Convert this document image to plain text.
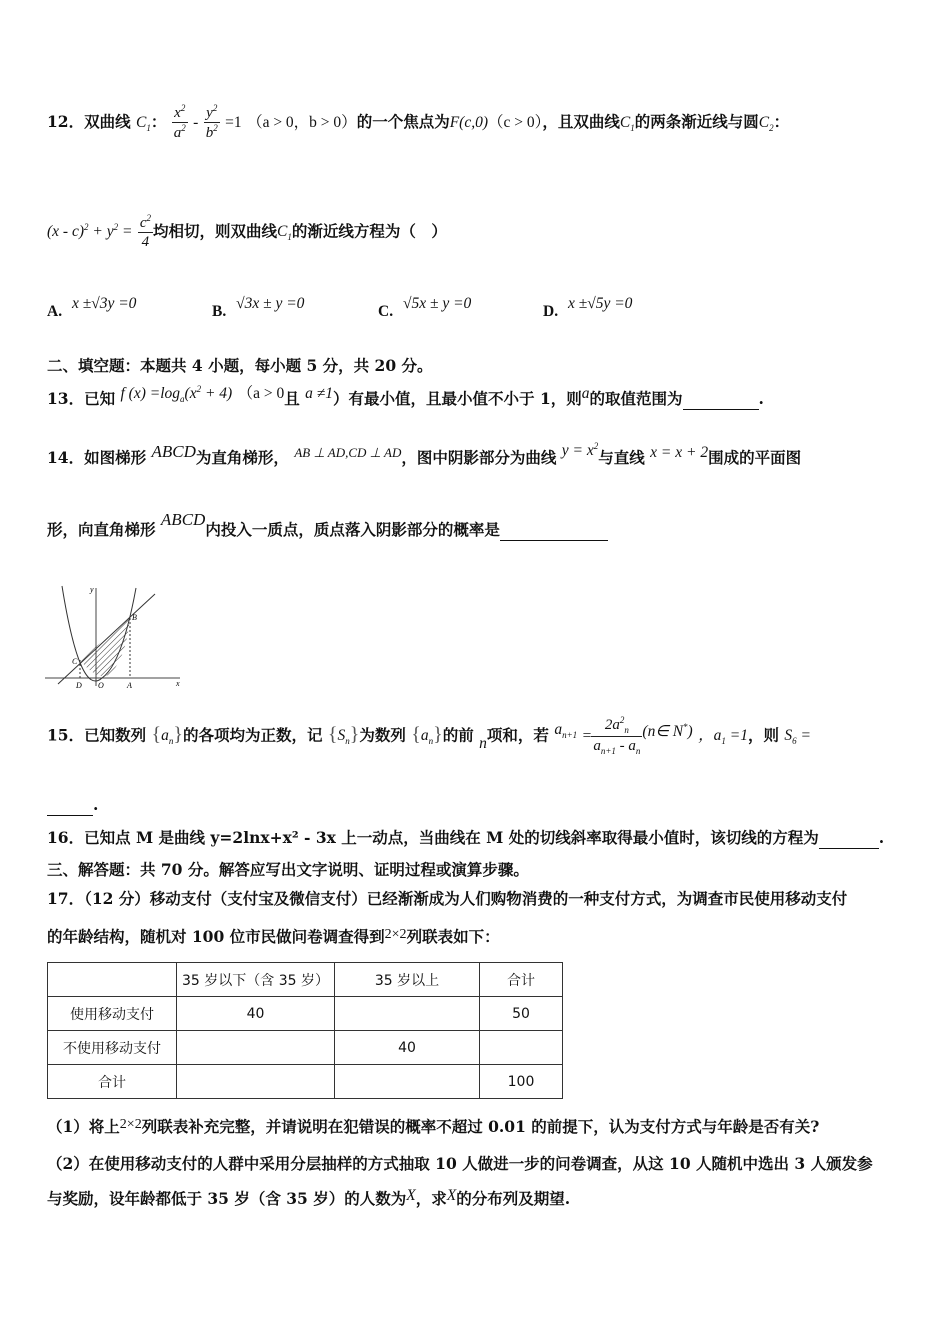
12．双曲线 $C_1$： $\frac{x^2}{a^2} - \frac{y^2}{b^2} =1$ （a > 0，b > 0）的一个焦点为F(c,0)（c > 0），且双曲线$C_1$的两条渐近线与圆$C_2$：
$(x - c)^2 + y^2 = \frac{c^2}{4}$ 均相切，则双曲线$C_1$的渐近线方程为（　）
A. x ±√3y =0	B. √3x ± y =0	C. √5x ± y =0	D. x ±√5y =0
二、填空题：本题共 4 小题，每小题 5 分，共 20 分。
13．已知 f $(x) =\log_a(x^2 + 4) (a > 0$且 a ≠1）有最小值，且最小值不小于 1，则a的取值范围为	.
14．如图梯形 ABCD为直角梯形， $^{AB \perp AD,CD \perp AD}$，图中阴影部分为曲线 $y = x^2$与直线 x = x + 2围成的平面图
形，向直角梯形 ABCD内投入一质点，质点落入阴影部分的概率是
y
x
B
C
D O	A
15．已知数列 $\{a_n\}$的各项均为正数，记 $\{S_n\}$为数列 $\{a_n\}$的前 n项和，若 $a_{n+1} = \frac{2a^2_n}{a_{n+1} - a_n}$ (n∈ N*) ，$a_1 =1$，则 $S_6$ =
.
16．已知点 M 是曲线 y=2lnx+x² - 3x 上一动点，当曲线在 M 处的切线斜率取得最小值时，该切线的方程为	.
三、解答题：共 70 分。解答应写出文字说明、证明过程或演算步骤。
17．（12 分）移动支付（支付宝及微信支付）已经渐渐成为人们购物消费的一种支付方式，为调查市民使用移动支付
的年龄结构，随机对 100 位市民做问卷调查得到2×2列联表如下：
	35 岁以下（含 35 岁）	35 岁以上	合计
使用移动支付	40		50
不使用移动支付		40	
合计			100
（1）将上2×2列联表补充完整，并请说明在犯错误的概率不超过 0.01 的前提下，认为支付方式与年龄是否有关?
（2）在使用移动支付的人群中采用分层抽样的方式抽取 10 人做进一步的问卷调查，从这 10 人随机中选出 3 人颁发参
与奖励，设年龄都低于 35 岁（含 35 岁）的人数为X，求X的分布列及期望.
